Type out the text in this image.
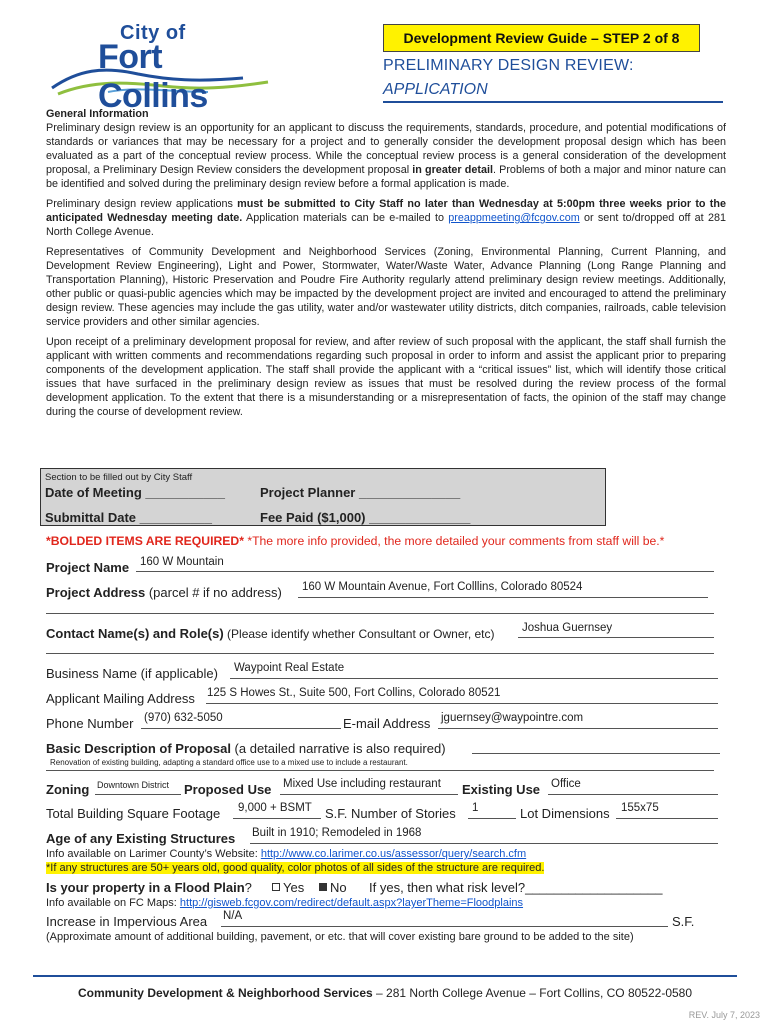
City of
Fort Collins
Development Review Guide – STEP 2 of 8
PRELIMINARY DESIGN REVIEW:
APPLICATION
General Information

Preliminary design review is an opportunity for an applicant to discuss the requirements, standards, procedure, and potential modifications of standards or variances that may be necessary for a project and to generally consider the development proposal design which has been evaluated as a part of the conceptual review process. While the conceptual review process is a general consideration of the development proposal, a Preliminary Design Review considers the development proposal in greater detail. Problems of both a major and minor nature can be identified and solved during the preliminary design review before a formal application is made.

Preliminary design review applications must be submitted to City Staff no later than Wednesday at 5:00pm three weeks prior to the anticipated Wednesday meeting date. Application materials can be e-mailed to preappmeeting@fcgov.com or sent to/dropped off at 281 North College Avenue.

Representatives of Community Development and Neighborhood Services (Zoning, Environmental Planning, Current Planning, and Development Review Engineering), Light and Power, Stormwater, Water/Waste Water, Advance Planning (Long Range Planning and Transportation Planning), Historic Preservation and Poudre Fire Authority regularly attend preliminary design review meetings. Additionally, other public or quasi-public agencies which may be impacted by the development project are invited and encouraged to attend the preliminary design review. These agencies may include the gas utility, water and/or wastewater utility districts, ditch companies, railroads, cable television service providers and other similar agencies.

Upon receipt of a preliminary development proposal for review, and after review of such proposal with the applicant, the staff shall furnish the applicant with written comments and recommendations regarding such proposal in order to inform and assist the applicant prior to preparing components of the development application. The staff shall provide the applicant with a “critical issues” list, which will identify those critical issues that have surfaced in the preliminary design review as issues that must be resolved during the review process of the formal development application. To the extent that there is a misunderstanding or a misrepresentation of facts, the opinion of the staff may change during the course of development review.

Section to be filled out by City Staff
Date of Meeting ___________	Project Planner ______________
Submittal Date __________	Fee Paid ($1,000) ______________
*BOLDED ITEMS ARE REQUIRED* *The more info provided, the more detailed your comments from staff will be.*
Project Name 160 W Mountain
Project Address (parcel # if no address) 160 W Mountain Avenue, Fort Colllins, Colorado 80524
Contact Name(s) and Role(s) (Please identify whether Consultant or Owner, etc) Joshua Guernsey
Business Name (if applicable) Waypoint Real Estate
Applicant Mailing Address 125 S Howes St., Suite 500, Fort Collins, Colorado 80521
Phone Number (970) 632-5050	E-mail Address jguernsey@waypointre.com
Basic Description of Proposal (a detailed narrative is also required)
Renovation of existing building, adapting a standard office use to a mixed use to include a restaurant.
Zoning Downtown District Proposed Use Mixed Use including restaurant Existing Use Office
Total Building Square Footage 9,000 + BSMT S.F. Number of Stories 1	Lot Dimensions 155x75
Age of any Existing Structures Built in 1910; Remodeled in 1968
Info available on Larimer County’s Website: http://www.co.larimer.co.us/assessor/query/search.cfm
*If any structures are 50+ years old, good quality, color photos of all sides of the structure are required.
Is your property in a Flood Plain?	Yes	No If yes, then what risk level?___________________
Info available on FC Maps: http://gisweb.fcgov.com/redirect/default.aspx?layerTheme=Floodplains
Increase in Impervious Area N/A	S.F.
(Approximate amount of additional building, pavement, or etc. that will cover existing bare ground to be added to the site)
Community Development & Neighborhood Services – 281 North College Avenue – Fort Collins, CO 80522-0580
REV. July 7, 2023
